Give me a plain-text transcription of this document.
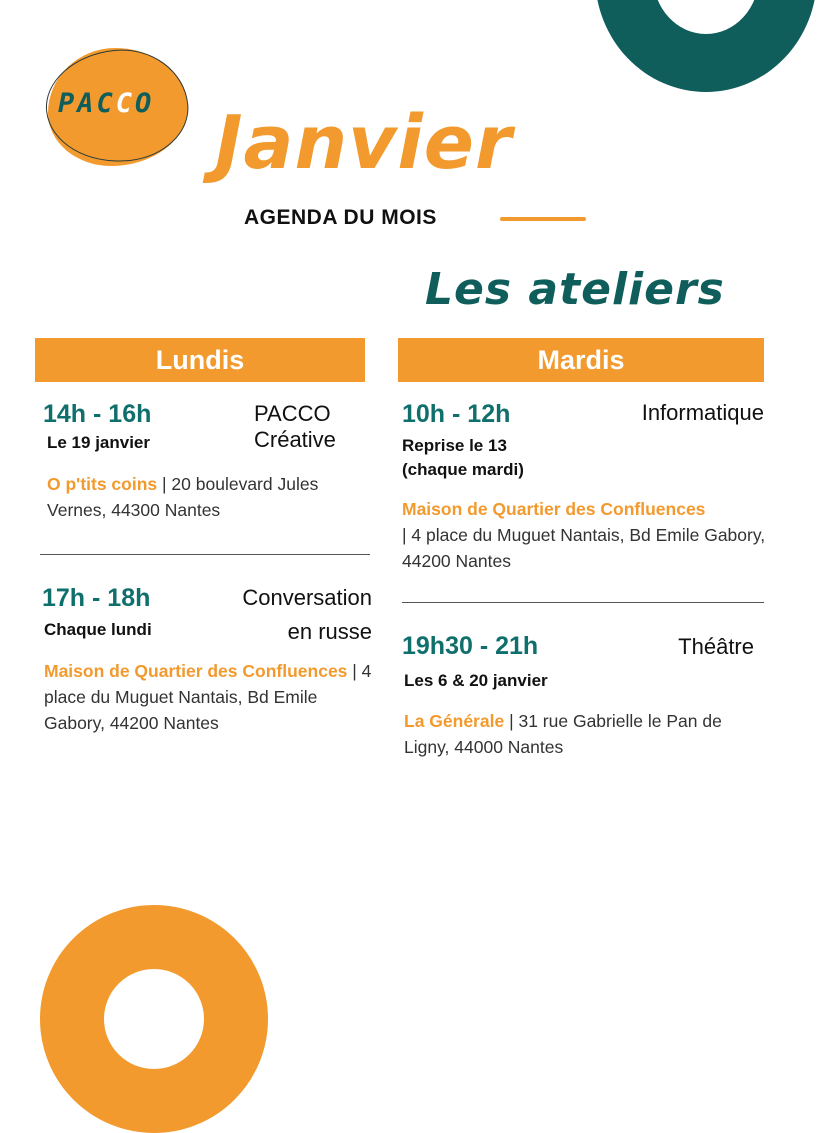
PACCO Janvier
AGENDA DU MOIS
Les ateliers
Lundis
14h - 16h	PACCO
Créative
Le 19 janvier
O p'tits coins | 20 boulevard Jules Vernes, 44300 Nantes
17h - 18h	Conversation
en russe
Chaque lundi
Maison de Quartier des Confluences | 4 place du Muguet Nantais, Bd Emile Gabory, 44200 Nantes
Mardis
10h - 12h	Informatique
Reprise le 13
(chaque mardi)
Maison de Quartier des Confluences
| 4 place du Muguet Nantais, Bd Emile Gabory, 44200 Nantes
19h30 - 21h	Théâtre
Les 6 & 20 janvier
La Générale | 31 rue Gabrielle le Pan de Ligny, 44000 Nantes
